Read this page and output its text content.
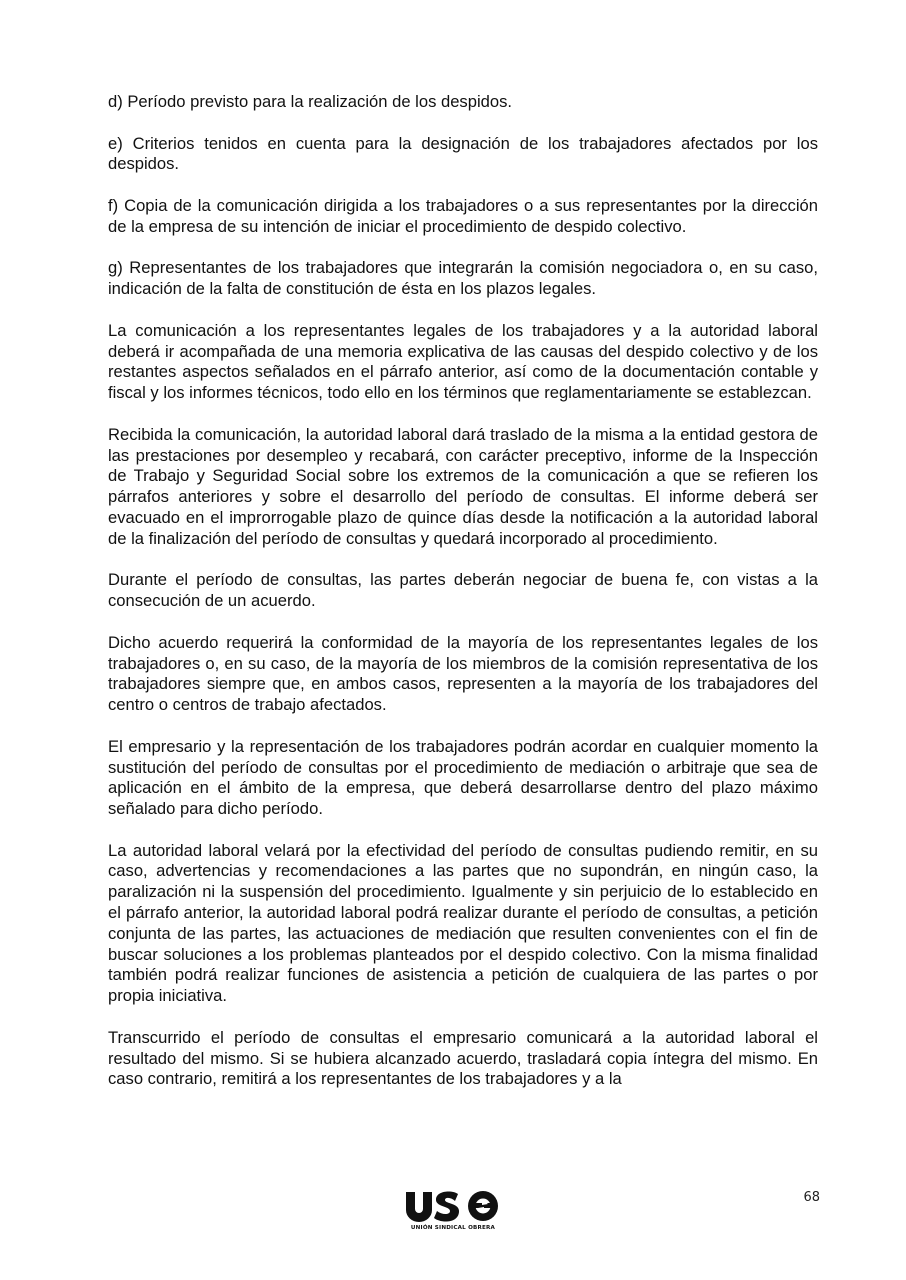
d) Período previsto para la realización de los despidos.

e) Criterios tenidos en cuenta para la designación de los trabajadores afectados por los despidos.

f) Copia de la comunicación dirigida a los trabajadores o a sus representantes por la dirección de la empresa de su intención de iniciar el procedimiento de despido colectivo.

g) Representantes de los trabajadores que integrarán la comisión negociadora o, en su caso, indicación de la falta de constitución de ésta en los plazos legales.

La comunicación a los representantes legales de los trabajadores y a la autoridad laboral deberá ir acompañada de una memoria explicativa de las causas del despido colectivo y de los restantes aspectos señalados en el párrafo anterior, así como de la documentación contable y fiscal y los informes técnicos, todo ello en los términos que reglamentariamente se establezcan.

Recibida la comunicación, la autoridad laboral dará traslado de la misma a la entidad gestora de las prestaciones por desempleo y recabará, con carácter preceptivo, informe de la Inspección de Trabajo y Seguridad Social sobre los extremos de la comunicación a que se refieren los párrafos anteriores y sobre el desarrollo del período de consultas. El informe deberá ser evacuado en el improrrogable plazo de quince días desde la notificación a la autoridad laboral de la finalización del período de consultas y quedará incorporado al procedimiento.

Durante el período de consultas, las partes deberán negociar de buena fe, con vistas a la consecución de un acuerdo.

Dicho acuerdo requerirá la conformidad de la mayoría de los representantes legales de los trabajadores o, en su caso, de la mayoría de los miembros de la comisión representativa de los trabajadores siempre que, en ambos casos, representen a la mayoría de los trabajadores del centro o centros de trabajo afectados.

El empresario y la representación de los trabajadores podrán acordar en cualquier momento la sustitución del período de consultas por el procedimiento de mediación o arbitraje que sea de aplicación en el ámbito de la empresa, que deberá desarrollarse dentro del plazo máximo señalado para dicho período.

La autoridad laboral velará por la efectividad del período de consultas pudiendo remitir, en su caso, advertencias y recomendaciones a las partes que no supondrán, en ningún caso, la paralización ni la suspensión del procedimiento. Igualmente y sin perjuicio de lo establecido en el párrafo anterior, la autoridad laboral podrá realizar durante el período de consultas, a petición conjunta de las partes, las actuaciones de mediación que resulten convenientes con el fin de buscar soluciones a los problemas planteados por el despido colectivo. Con la misma finalidad también podrá realizar funciones de asistencia a petición de cualquiera de las partes o por propia iniciativa.

Transcurrido el período de consultas el empresario comunicará a la autoridad laboral el resultado del mismo. Si se hubiera alcanzado acuerdo, trasladará copia íntegra del mismo. En caso contrario, remitirá a los representantes de los trabajadores y a la

UNIÓN SINDICAL OBRERA
68
